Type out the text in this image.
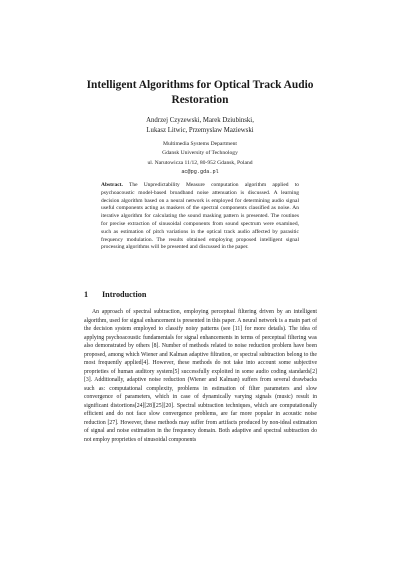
Intelligent Algorithms for Optical Track Audio Restoration
Andrzej Czyzewski, Marek Dziubinski,
Lukasz Litwic, Przemyslaw Maziewski
Multimedia Systems Department
Gdansk University of Technology
ul. Narutowicza 11/12, 80-952 Gdansk, Poland
ac@pg.gda.pl
Abstract. The Unpredictability Measure computation algorithm applied to psychoacoustic model-based broadband noise attenuation is discussed. A learning decision algorithm based on a neural network is employed for determining audio signal useful components acting as maskers of the spectral components classified as noise. An iterative algorithm for calculating the sound masking pattern is presented. The routines for precise extraction of sinusoidal components from sound spectrum were examined, such as estimation of pitch variations in the optical track audio affected by parasitic frequency modulation. The results obtained employing proposed intelligent signal processing algorithms will be presented and discussed in the paper.
1 Introduction
An approach of spectral subtraction, employing perceptual filtering driven by an intelligent algorithm, used for signal enhancement is presented in this paper. A neural network is a main part of the decision system employed to classify noisy patterns (see [11] for more details). The idea of applying psychoacoustic fundamentals for signal enhancements in terms of perceptual filtering was also demonstrated by others [8]. Number of methods related to noise reduction problem have been proposed, among which Wiener and Kalman adaptive filtration, or spectral subtraction belong to the most frequently applied[4]. However, these methods do not take into account some subjective proprieties of human auditory system[5] successfully exploited in some audio coding standards[2][3]. Additionally, adaptive noise reduction (Wiener and Kalman) suffers from several drawbacks such as: computational complexity, problems in estimation of filter parameters and slow convergence of parameters, which in case of dynamically varying signals (music) result in significant distortions[24][28][25][20]. Spectral subtraction techniques, which are computationally efficient and do not face slow convergence problems, are far more popular in acoustic noise reduction [27]. However, these methods may suffer from artifacts produced by non-ideal estimation of signal and noise estimation in the frequency domain. Both adaptive and spectral subtraction do not employ proprieties of sinusoidal components
